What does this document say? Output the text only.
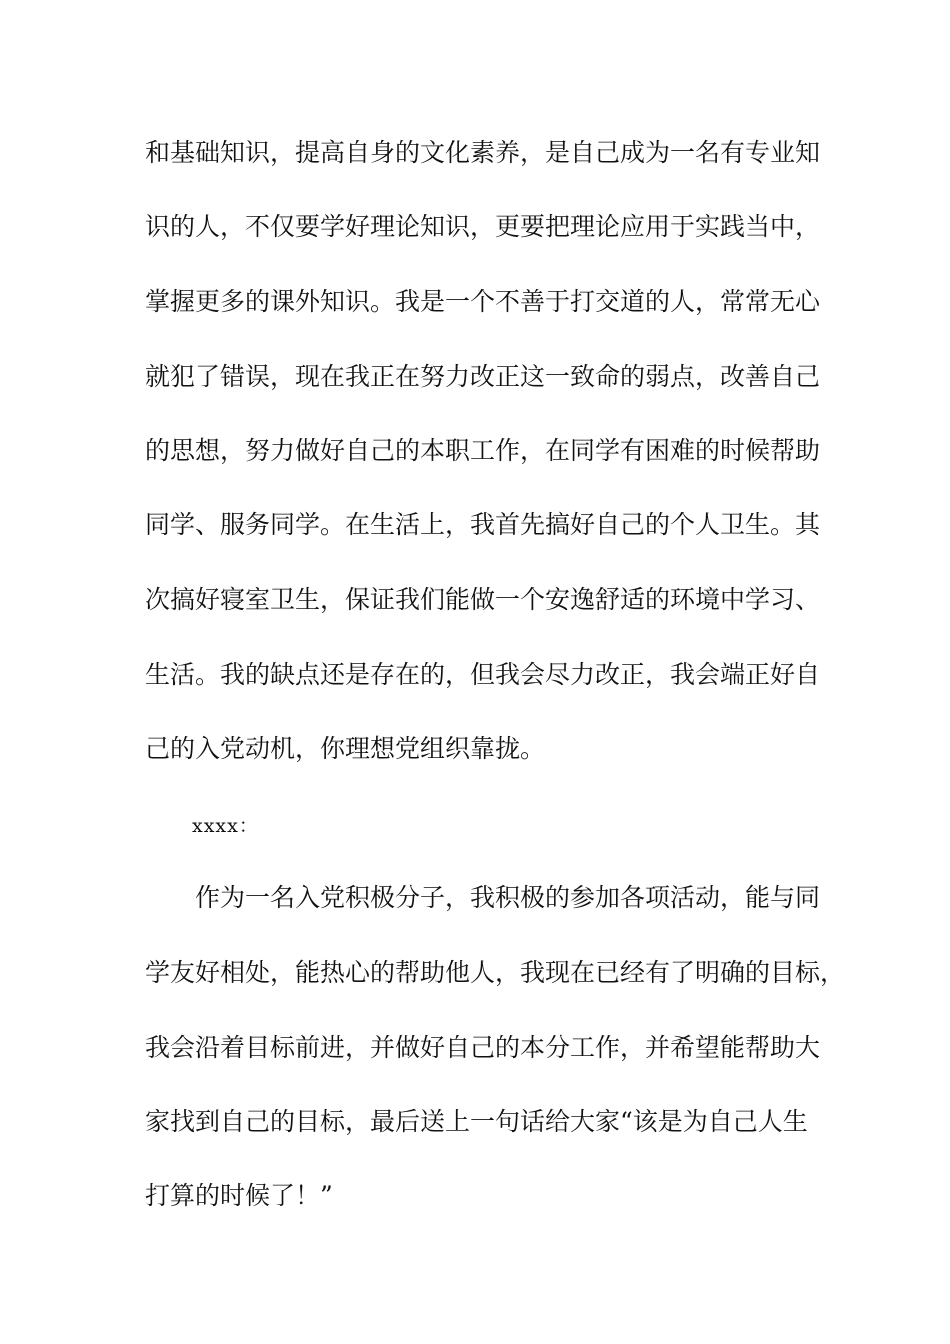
和基础知识，提高自身的文化素养，是自己成为一名有专业知
识的人，不仅要学好理论知识，更要把理论应用于实践当中，
掌握更多的课外知识。我是一个不善于打交道的人，常常无心
就犯了错误，现在我正在努力改正这一致命的弱点，改善自己
的思想，努力做好自己的本职工作，在同学有困难的时候帮助
同学、服务同学。在生活上，我首先搞好自己的个人卫生。其
次搞好寝室卫生，保证我们能做一个安逸舒适的环境中学习、
生活。我的缺点还是存在的，但我会尽力改正，我会端正好自
己的入党动机，你理想党组织靠拢。
xxxx：
　　作为一名入党积极分子，我积极的参加各项活动，能与同
学友好相处，能热心的帮助他人，我现在已经有了明确的目标，
我会沿着目标前进，并做好自己的本分工作，并希望能帮助大
家找到自己的目标，最后送上一句话给大家“该是为自己人生
打算的时候了！”
